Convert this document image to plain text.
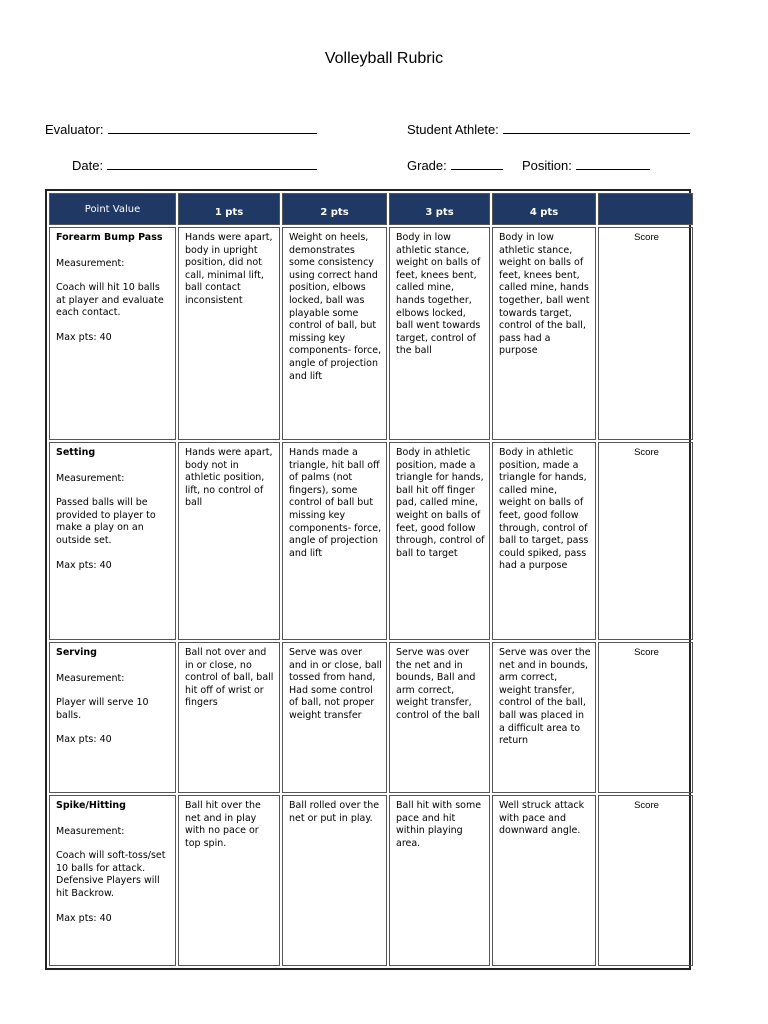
Volleyball Rubric
Evaluator:	Student Athlete:
Date:	Grade:	Position:
Point Value	1 pts	2 pts	3 pts	4 pts	

Forearm Bump Pass
Measurement:
Coach will hit 10 balls at player and evaluate each contact.
Max pts: 40	Hands were apart, body in upright position, did not call, minimal lift, ball contact inconsistent	Weight on heels, demonstrates some consistency using correct hand position, elbows locked, ball was playable some control of ball, but missing key components- force, angle of projection and lift	Body in low athletic stance, weight on balls of feet, knees bent, called mine, hands together, elbows locked, ball went towards target, control of the ball	Body in low athletic stance, weight on balls of feet, knees bent, called mine, hands together, ball went towards target, control of the ball, pass had a purpose	Score

Setting
Measurement:
Passed balls will be provided to player to make a play on an outside set.
Max pts: 40	Hands were apart, body not in athletic position, lift, no control of ball	Hands made a triangle, hit ball off of palms (not fingers), some control of ball but missing key components- force, angle of projection and lift	Body in athletic position, made a triangle for hands, ball hit off finger pad, called mine, weight on balls of feet, good follow through, control of ball to target	Body in athletic position, made a triangle for hands, called mine, weight on balls of feet, good follow through, control of ball to target, pass could spiked, pass had a purpose	Score

Serving
Measurement:
Player will serve 10 balls.
Max pts: 40	Ball not over and in or close, no control of ball, ball hit off of wrist or fingers	Serve was over and in or close, ball tossed from hand, Had some control of ball, not proper weight transfer	Serve was over the net and in bounds, Ball and arm correct, weight transfer, control of the ball	Serve was over the net and in bounds, arm correct, weight transfer, control of the ball, ball was placed in a difficult area to return	Score

Spike/Hitting
Measurement:
Coach will soft-toss/set 10 balls for attack. Defensive Players will hit Backrow.
Max pts: 40	Ball hit over the net and in play with no pace or top spin.	Ball rolled over the net or put in play.	Ball hit with some pace and hit within playing area.	Well struck attack with pace and downward angle.	Score
